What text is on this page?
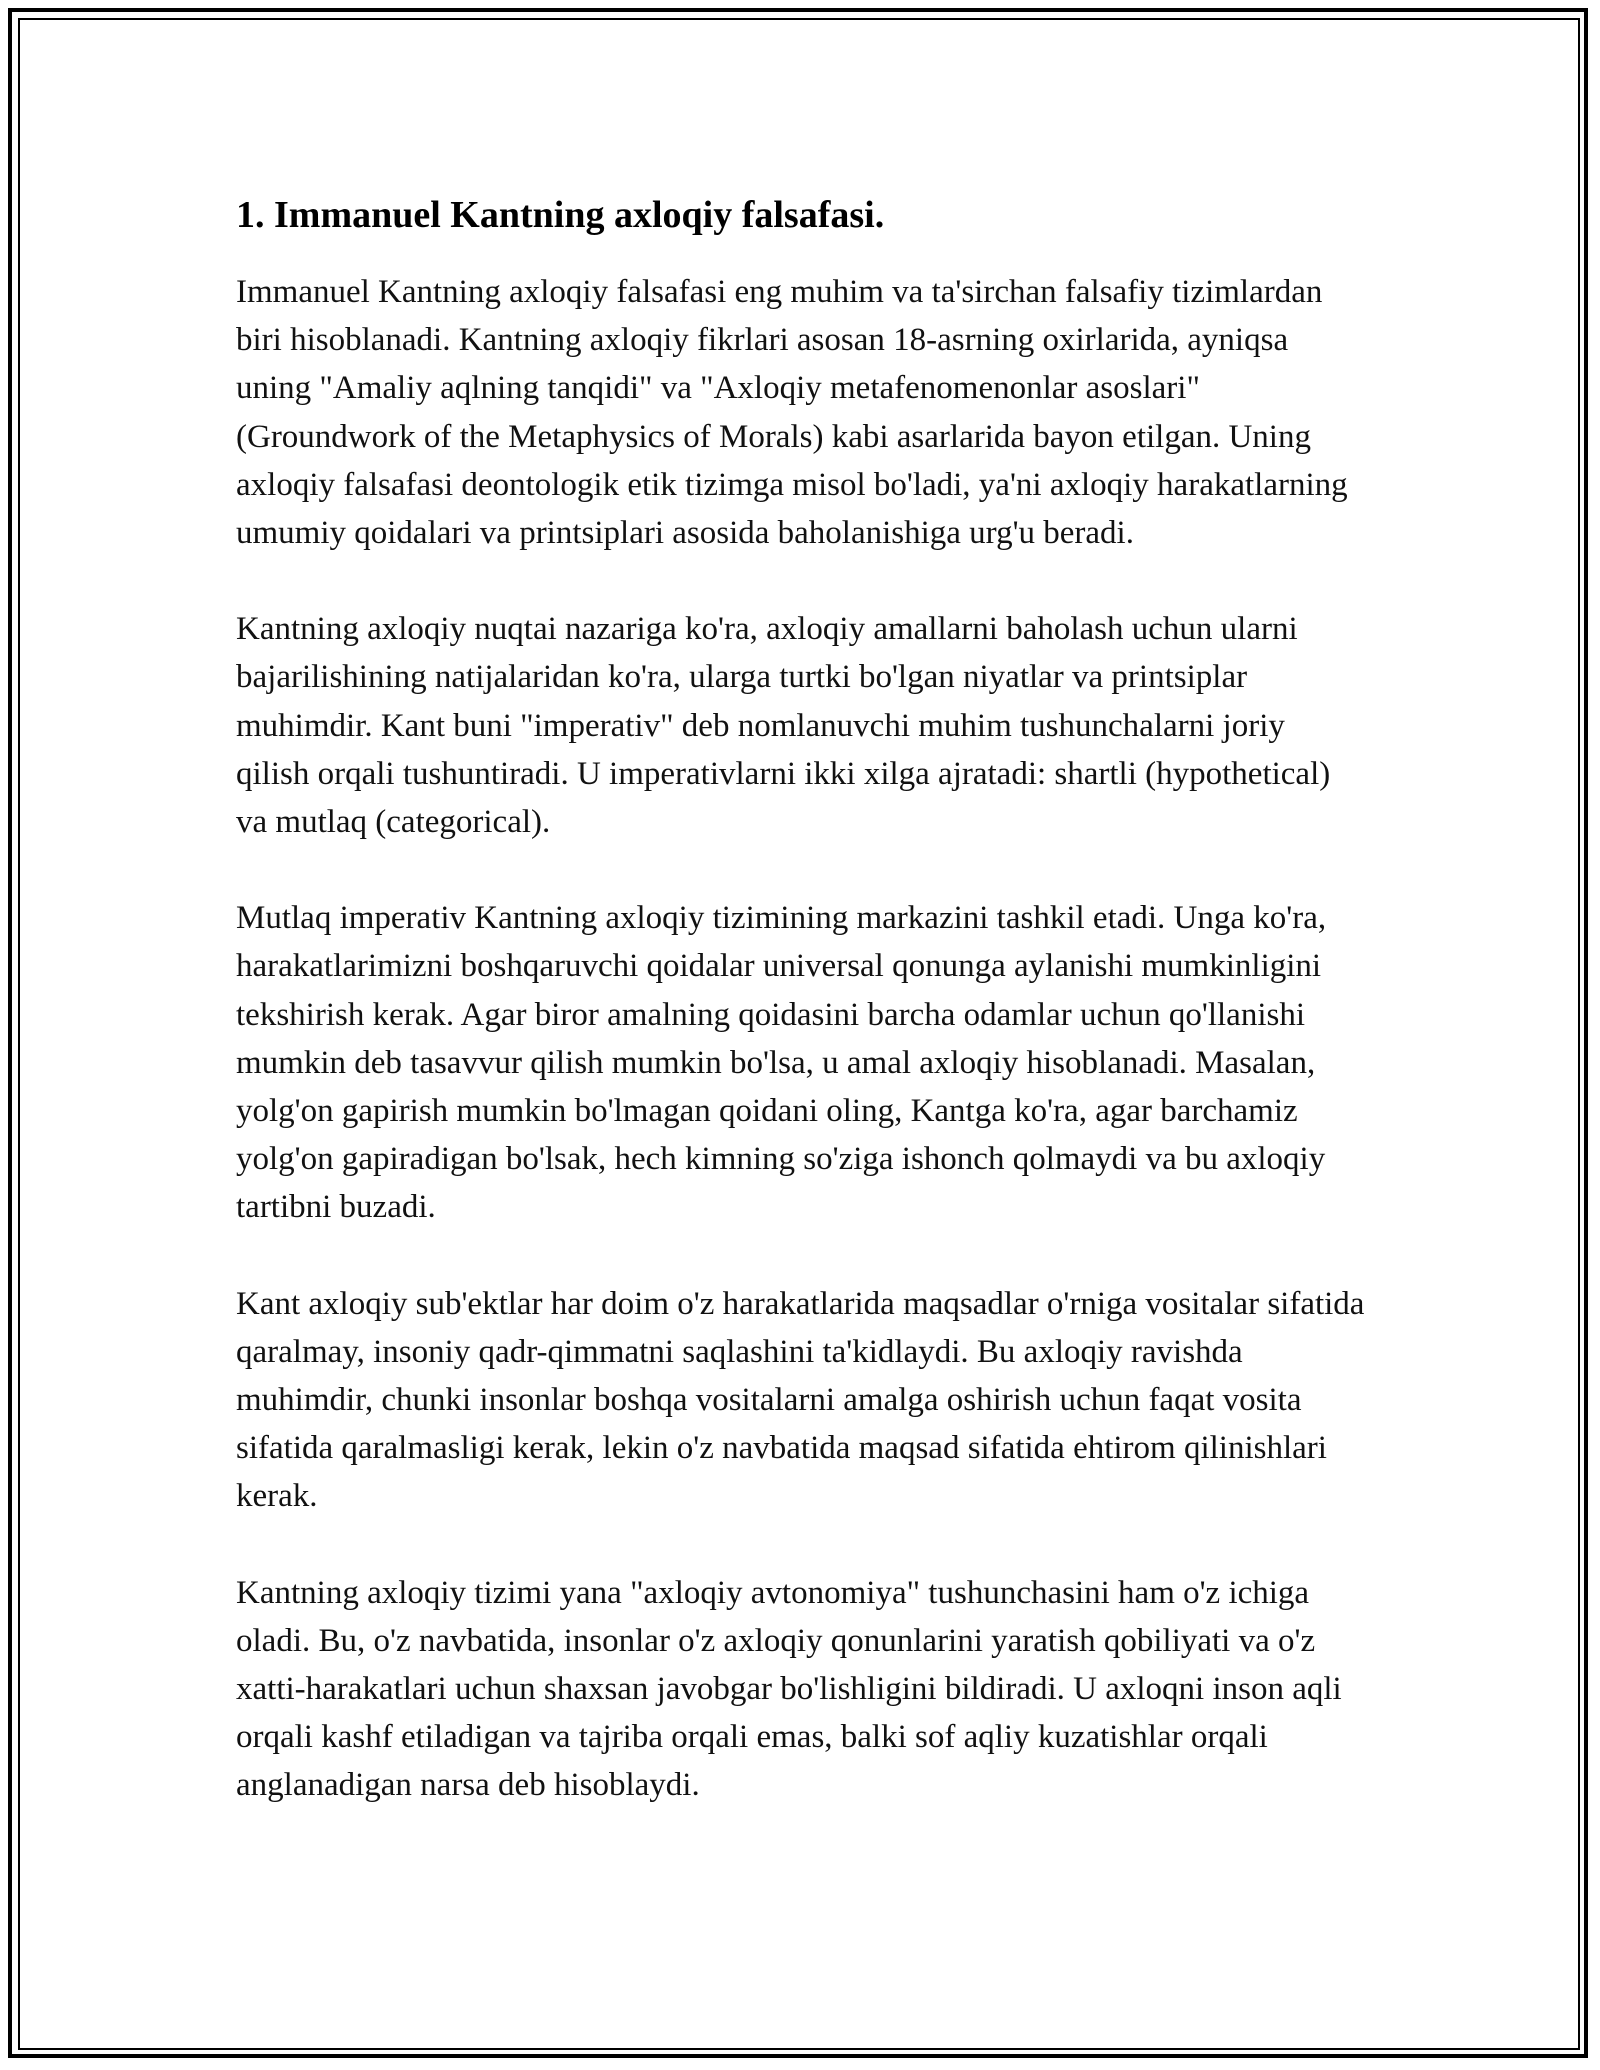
1. Immanuel Kantning axloqiy falsafasi.

Immanuel Kantning axloqiy falsafasi eng muhim va ta'sirchan falsafiy tizimlardan biri hisoblanadi. Kantning axloqiy fikrlari asosan 18-asrning oxirlarida, ayniqsa uning "Amaliy aqlning tanqidi" va "Axloqiy metafenomenonlar asoslari" (Groundwork of the Metaphysics of Morals) kabi asarlarida bayon etilgan. Uning axloqiy falsafasi deontologik etik tizimga misol bo'ladi, ya'ni axloqiy harakatlarning umumiy qoidalari va printsiplari asosida baholanishiga urg'u beradi.

Kantning axloqiy nuqtai nazariga ko'ra, axloqiy amallarni baholash uchun ularni bajarilishining natijalaridan ko'ra, ularga turtki bo'lgan niyatlar va printsiplar muhimdir. Kant buni "imperativ" deb nomlanuvchi muhim tushunchalarni joriy qilish orqali tushuntiradi. U imperativlarni ikki xilga ajratadi: shartli (hypothetical) va mutlaq (categorical).

Mutlaq imperativ Kantning axloqiy tizimining markazini tashkil etadi. Unga ko'ra, harakatlarimizni boshqaruvchi qoidalar universal qonunga aylanishi mumkinligini tekshirish kerak. Agar biror amalning qoidasini barcha odamlar uchun qo'llanishi mumkin deb tasavvur qilish mumkin bo'lsa, u amal axloqiy hisoblanadi. Masalan, yolg'on gapirish mumkin bo'lmagan qoidani oling, Kantga ko'ra, agar barchamiz yolg'on gapiradigan bo'lsak, hech kimning so'ziga ishonch qolmaydi va bu axloqiy tartibni buzadi.

Kant axloqiy sub'ektlar har doim o'z harakatlarida maqsadlar o'rniga vositalar sifatida qaralmay, insoniy qadr-qimmatni saqlashini ta'kidlaydi. Bu axloqiy ravishda muhimdir, chunki insonlar boshqa vositalarni amalga oshirish uchun faqat vosita sifatida qaralmasligi kerak, lekin o'z navbatida maqsad sifatida ehtirom qilinishlari kerak.

Kantning axloqiy tizimi yana "axloqiy avtonomiya" tushunchasini ham o'z ichiga oladi. Bu, o'z navbatida, insonlar o'z axloqiy qonunlarini yaratish qobiliyati va o'z xatti-harakatlari uchun shaxsan javobgar bo'lishligini bildiradi. U axloqni inson aqli orqali kashf etiladigan va tajriba orqali emas, balki sof aqliy kuzatishlar orqali anglanadigan narsa deb hisoblaydi.
